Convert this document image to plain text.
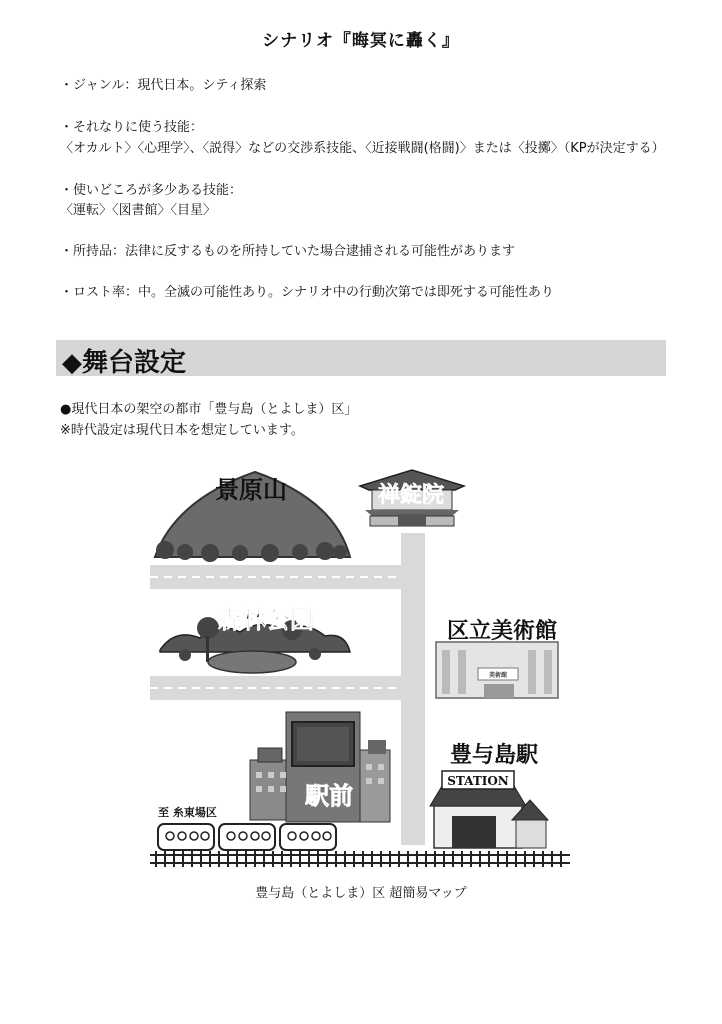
シナリオ『晦冥に轟く』
・ジャンル：現代日本。シティ探索
・それなりに使う技能：
〈オカルト〉〈心理学〉、〈説得〉などの交渉系技能、〈近接戦闘(格闘)〉または〈投擲〉（KPが決定する）
・使いどころが多少ある技能：
〈運転〉〈図書館〉〈目星〉
・所持品：法律に反するものを所持していた場合逮捕される可能性があります
・ロスト率：中。全滅の可能性あり。シナリオ中の行動次第では即死する可能性あり
◆舞台設定
●現代日本の架空の都市「豊与島（とよしま）区」
※時代設定は現代日本を想定しています。
景原山	禅錠院
森林公園
美術館
区立美術館
駅前
豊与島駅
STATION
至 糸東場区
豊与島（とよしま）区 超簡易マップ
